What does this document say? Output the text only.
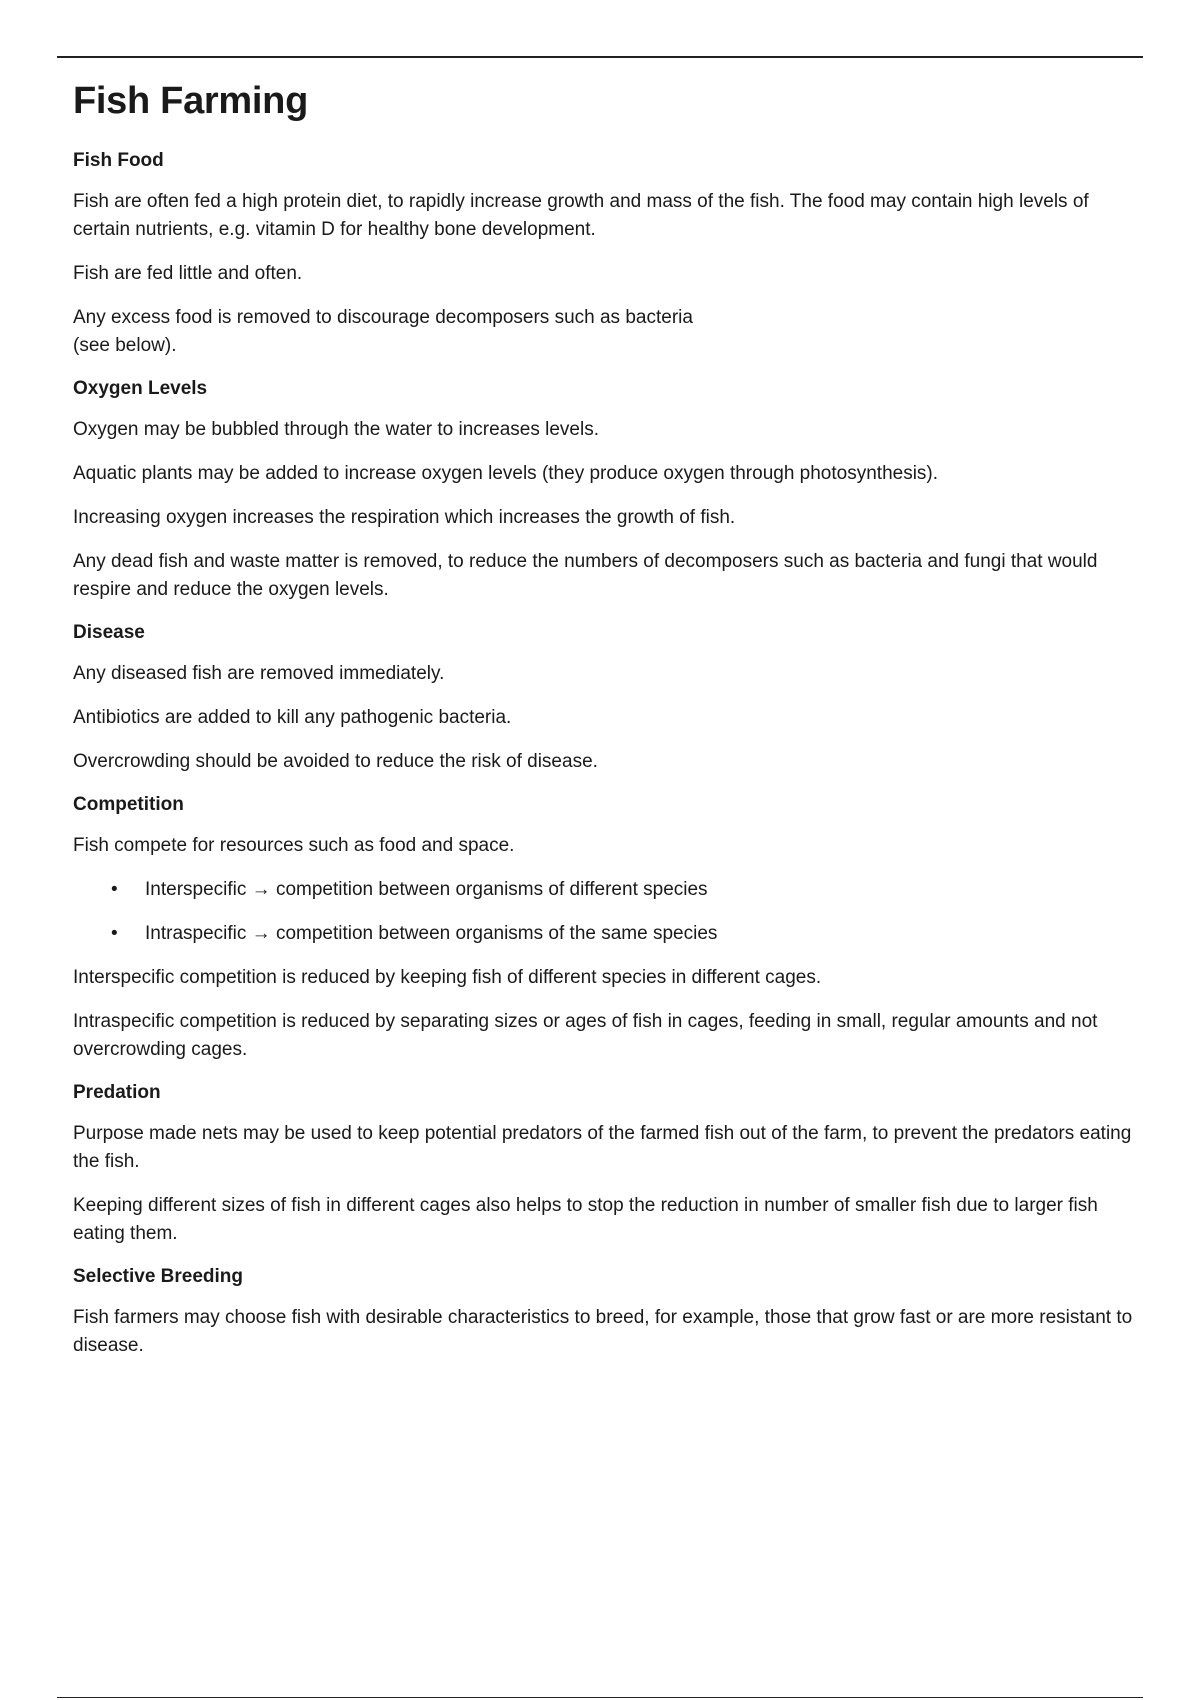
Fish Farming
Fish Food

Fish are often fed a high protein diet, to rapidly increase growth and mass of the fish. The food may contain high levels of certain nutrients, e.g. vitamin D for healthy bone development.

Fish are fed little and often.

Any excess food is removed to discourage decomposers such as bacteria
(see below).

Oxygen Levels

Oxygen may be bubbled through the water to increases levels.

Aquatic plants may be added to increase oxygen levels (they produce oxygen through photosynthesis).

Increasing oxygen increases the respiration which increases the growth of fish.

Any dead fish and waste matter is removed, to reduce the numbers of decomposers such as bacteria and fungi that would respire and reduce the oxygen levels.

Disease

Any diseased fish are removed immediately.

Antibiotics are added to kill any pathogenic bacteria.

Overcrowding should be avoided to reduce the risk of disease.

Competition

Fish compete for resources such as food and space.

• Interspecific → competition between organisms of different species
• Intraspecific → competition between organisms of the same species

Interspecific competition is reduced by keeping fish of different species in different cages.

Intraspecific competition is reduced by separating sizes or ages of fish in cages, feeding in small, regular amounts and not overcrowding cages.

Predation

Purpose made nets may be used to keep potential predators of the farmed fish out of the farm, to prevent the predators eating the fish.

Keeping different sizes of fish in different cages also helps to stop the reduction in number of smaller fish due to larger fish eating them.

Selective Breeding

Fish farmers may choose fish with desirable characteristics to breed, for example, those that grow fast or are more resistant to disease.
